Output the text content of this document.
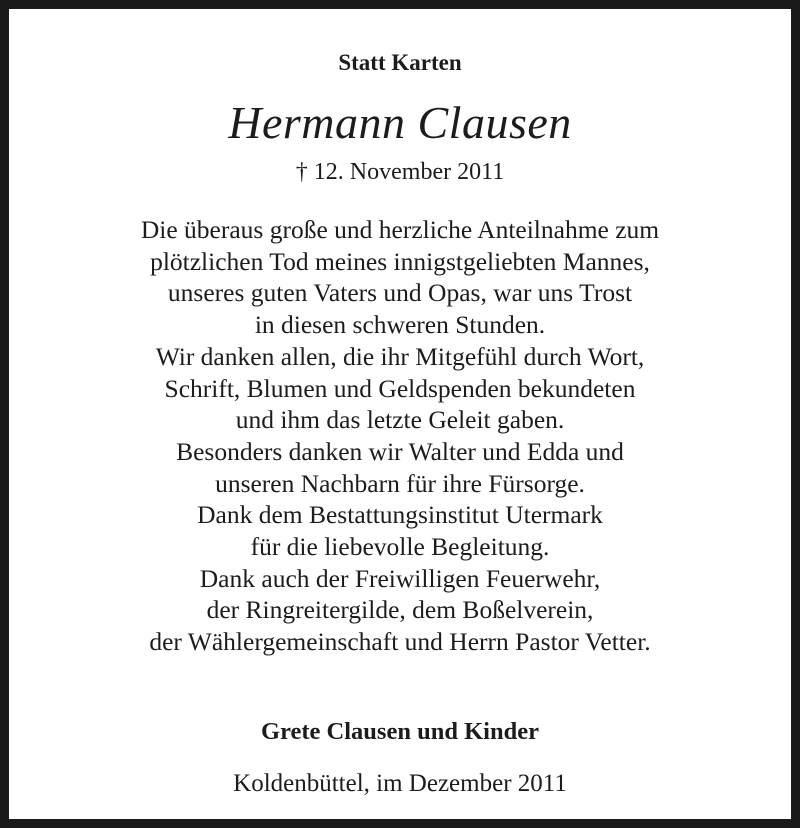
Statt Karten
Hermann Clausen
† 12. November 2011
Die überaus große und herzliche Anteilnahme zum
plötzlichen Tod meines innigstgeliebten Mannes,
unseres guten Vaters und Opas, war uns Trost
in diesen schweren Stunden.
Wir danken allen, die ihr Mitgefühl durch Wort,
Schrift, Blumen und Geldspenden bekundeten
und ihm das letzte Geleit gaben.
Besonders danken wir Walter und Edda und
unseren Nachbarn für ihre Fürsorge.
Dank dem Bestattungsinstitut Utermark
für die liebevolle Begleitung.
Dank auch der Freiwilligen Feuerwehr,
der Ringreitergilde, dem Boßelverein,
der Wählergemeinschaft und Herrn Pastor Vetter.
Grete Clausen und Kinder
Koldenbüttel, im Dezember 2011
